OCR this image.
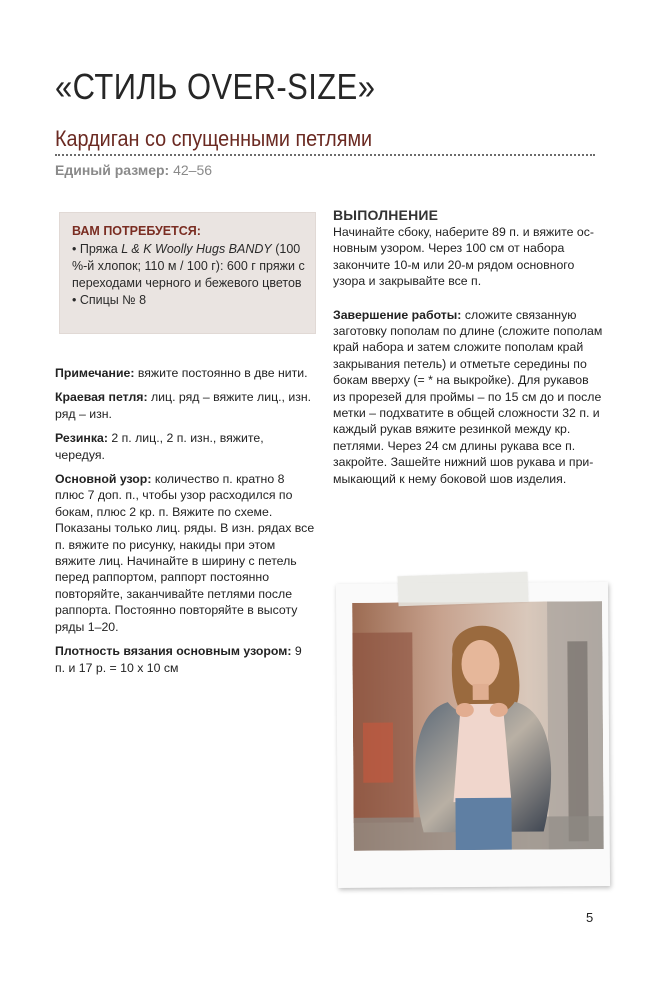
«СТИЛЬ OVER-SIZE»
Кардиган со спущенными петлями
Единый размер: 42–56
ВАМ ПОТРЕБУЕТСЯ:
• Пряжа L & K Woolly Hugs BANDY (100 %-й хлопок; 110 м / 100 г): 600 г пряжи с переходами черного и бежевого цветов
• Спицы № 8

Примечание: вяжите постоянно в две нити.

Краевая петля: лиц. ряд – вяжите лиц., изн. ряд – изн.

Резинка: 2 п. лиц., 2 п. изн., вяжите, чередуя.

Основной узор: количество п. кратно 8 плюс 7 доп. п., чтобы узор расходился по бокам, плюс 2 кр. п. Вяжите по схеме. Показаны только лиц. ряды. В изн. рядах все п. вяжите по рисунку, накиды при этом вяжите лиц. Начинайте в ширину с петель перед раппортом, раппорт постоянно повторяйте, заканчивайте петлями после раппорта. Постоянно повторяйте в высоту ряды 1–20.

Плотность вязания основным узором: 9 п. и 17 р. = 10 х 10 см

ВЫПОЛНЕНИЕ

Начинайте сбоку, наберите 89 п. и вяжите основным узором. Через 100 см от набора закончите 10-м или 20-м рядом основного узора и закрывайте все п.

Завершение работы: сложите связанную заготовку пополам по длине (сложите пополам край набора и затем сложите пополам край закрывания петель) и отметьте середины по бокам вверху (= * на выкройке). Для рукавов из прорезей для проймы – по 15 см до и после метки – подхватите в общей сложности 32 п. и каждый рукав вяжите резинкой между кр. петлями. Через 24 см длины рукава все п. закройте. Зашейте нижний шов рукава и примыкающий к нему боковой шов изделия.

5
